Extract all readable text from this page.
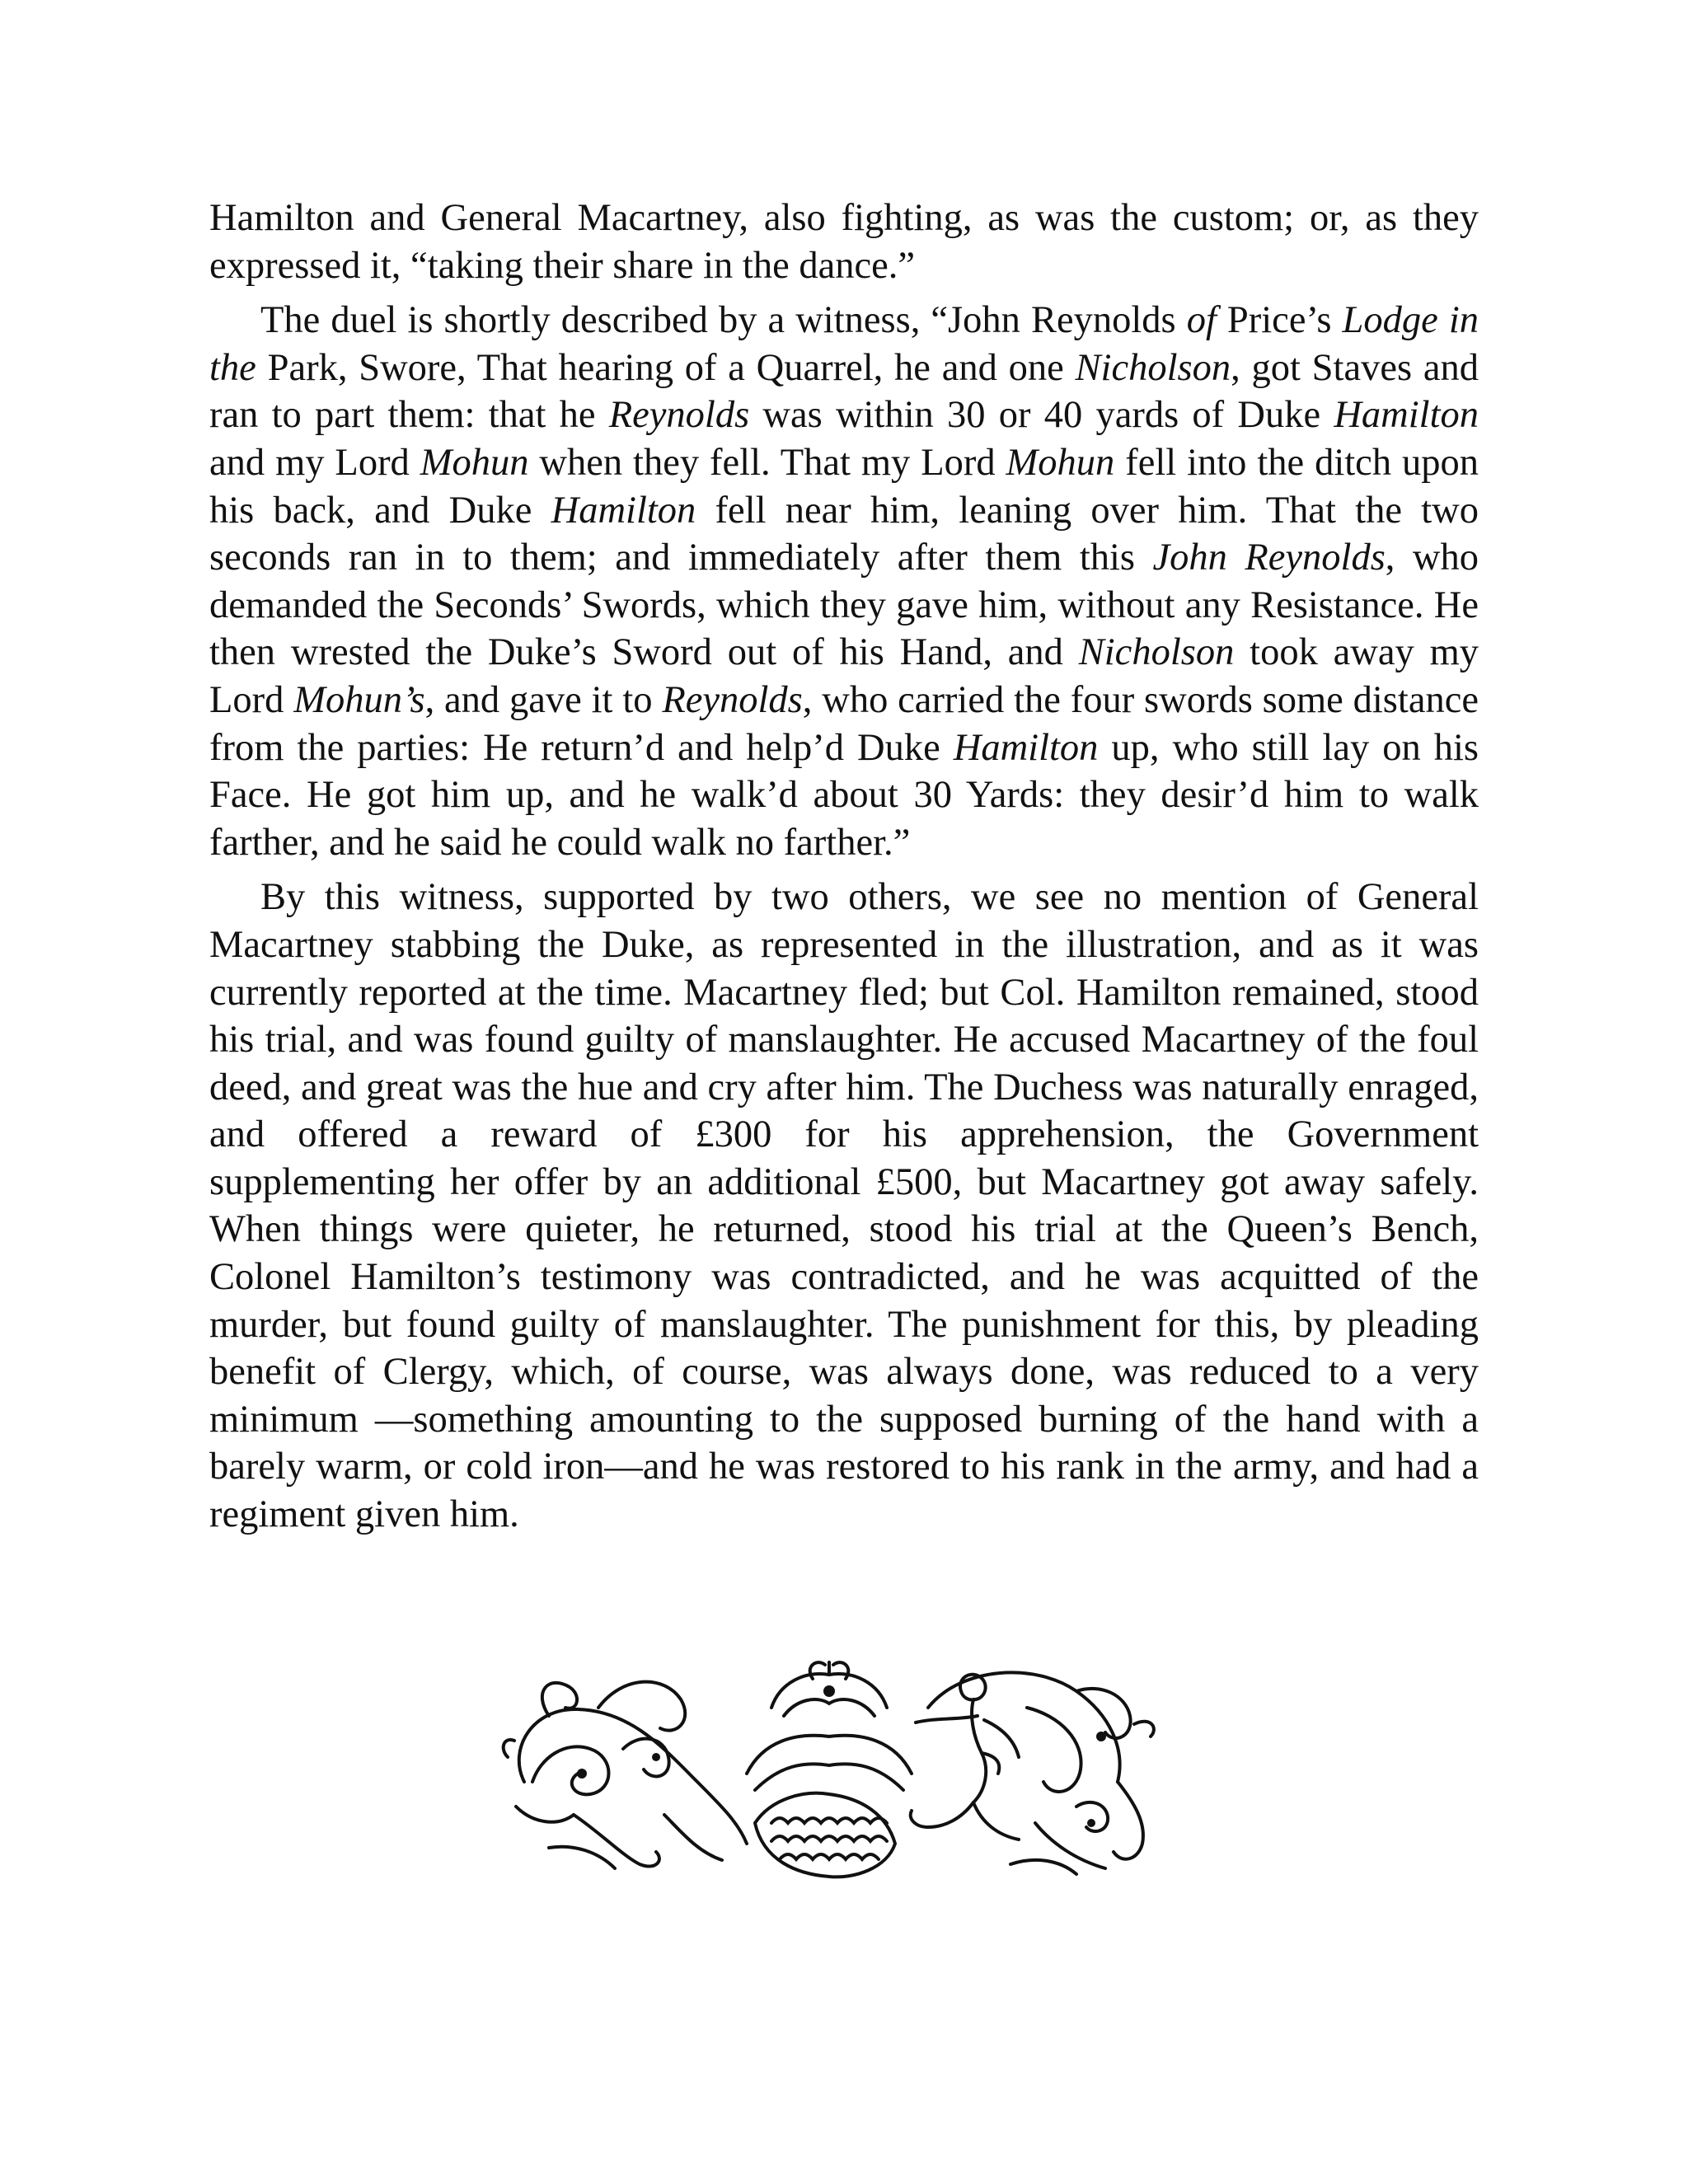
Hamilton and General Macartney, also fighting, as was the custom; or, as they expressed it, “taking their share in the dance.”

The duel is shortly described by a witness, “John Reynolds of Price’s Lodge in the Park, Swore, That hearing of a Quarrel, he and one Nicholson, got Staves and ran to part them: that he Reynolds was within 30 or 40 yards of Duke Hamilton and my Lord Mohun when they fell. That my Lord Mohun fell into the ditch upon his back, and Duke Hamilton fell near him, leaning over him. That the two seconds ran in to them; and immediately after them this John Reynolds, who demanded the Seconds’ Swords, which they gave him, without any Resistance. He then wrested the Duke’s Sword out of his Hand, and Nicholson took away my Lord Mohun’s, and gave it to Reynolds, who carried the four swords some distance from the parties: He return’d and help’d Duke Hamilton up, who still lay on his Face. He got him up, and he walk’d about 30 Yards: they desir’d him to walk farther, and he said he could walk no farther.”

By this witness, supported by two others, we see no mention of General Macartney stabbing the Duke, as represented in the illustration, and as it was currently reported at the time. Macartney fled; but Col. Hamilton remained, stood his trial, and was found guilty of manslaughter. He accused Macartney of the foul deed, and great was the hue and cry after him. The Duchess was naturally enraged, and offered a reward of £300 for his apprehension, the Government supplementing her offer by an additional £500, but Macartney got away safely. When things were quieter, he returned, stood his trial at the Queen’s Bench, Colonel Hamilton’s testimony was contradicted, and he was acquitted of the murder, but found guilty of manslaughter. The punishment for this, by pleading benefit of Clergy, which, of course, was always done, was reduced to a very minimum —something amounting to the supposed burning of the hand with a barely warm, or cold iron—and he was restored to his rank in the army, and had a regiment given him.
